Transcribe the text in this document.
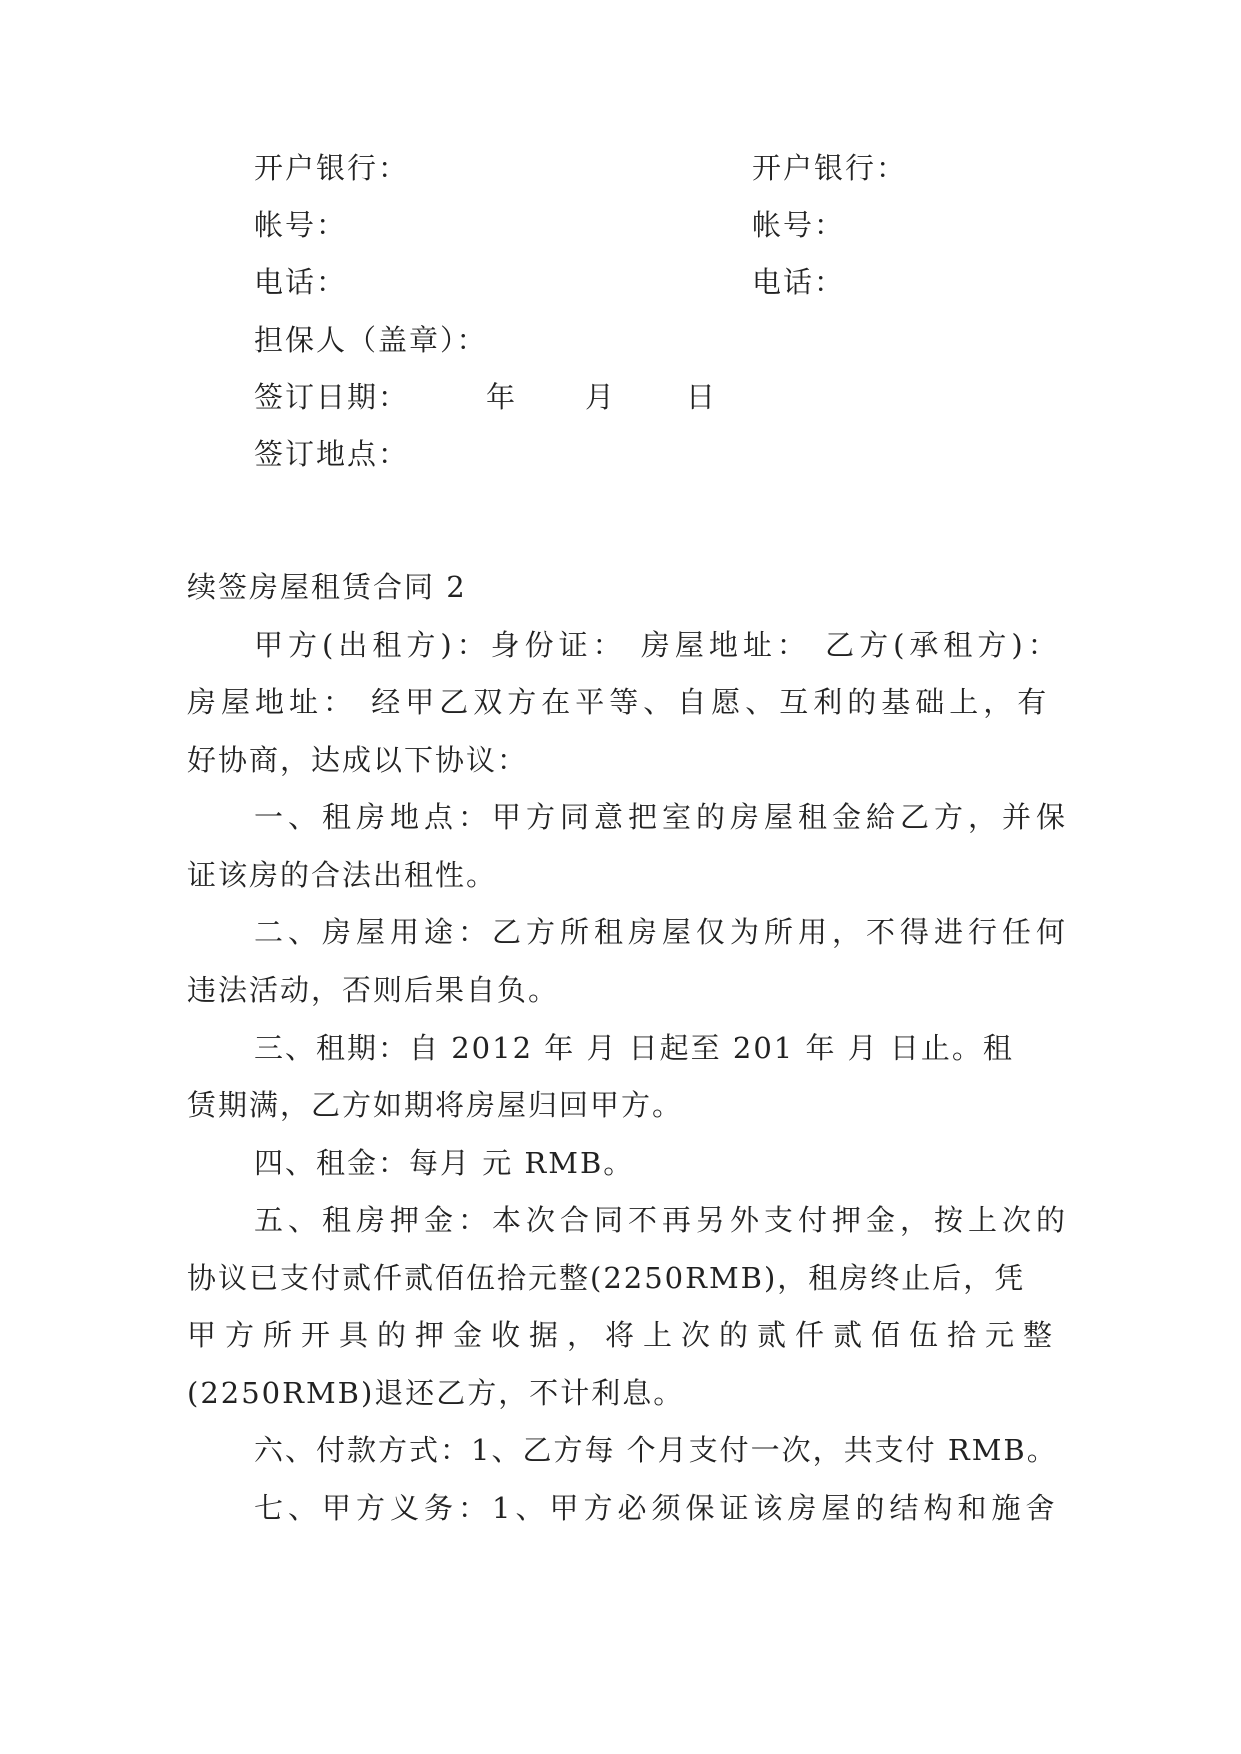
开户银行：	开户银行：
帐号：	帐号：
电话：	电话：
担保人（盖章）：
签订日期：	年 月 日
签订地点：
续签房屋租赁合同 2
甲方(出租方)：身份证： 房屋地址： 乙方(承租方)：
房屋地址： 经甲乙双方在平等、自愿、互利的基础上，有
好协商，达成以下协议：
一、租房地点：甲方同意把室的房屋租金給乙方，并保
证该房的合法出租性。
二、房屋用途：乙方所租房屋仅为所用，不得进行任何
违法活动，否则后果自负。
三、租期：自 2012 年 月 日起至 201 年 月 日止。租
赁期满，乙方如期将房屋归回甲方。
四、租金：每月 元 RMB。
五、租房押金：本次合同不再另外支付押金，按上次的
协议已支付贰仟贰佰伍拾元整(2250RMB)，租房终止后，凭
甲方所开具的押金收据，将上次的贰仟贰佰伍拾元整
(2250RMB)退还乙方，不计利息。
六、付款方式：1、乙方每 个月支付一次，共支付 RMB。
七、甲方义务：1、甲方必须保证该房屋的结构和施舍
